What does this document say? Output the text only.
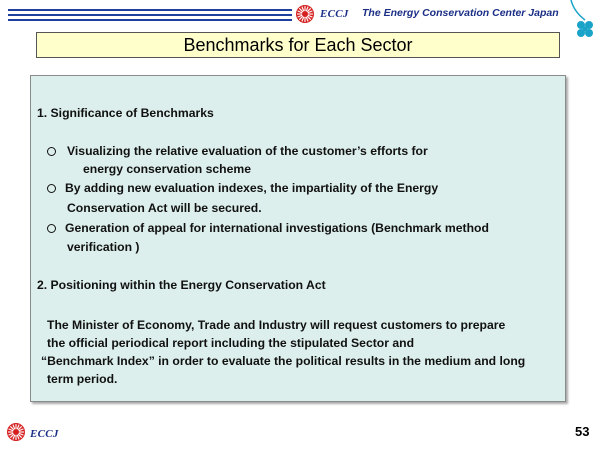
ECCJ The Energy Conservation Center Japan
Benchmarks for Each Sector
1. Significance of Benchmarks
Visualizing the relative evaluation of the customer’s efforts for
energy conservation scheme
By adding new evaluation indexes, the impartiality of the Energy
Conservation Act will be secured.
Generation of appeal for international investigations (Benchmark method
verification )
2. Positioning within the Energy Conservation Act
The Minister of Economy, Trade and Industry will request customers to prepare
the official periodical report including the stipulated Sector and
“Benchmark Index” in order to evaluate the political results in the medium and long
term period.
ECCJ	53
